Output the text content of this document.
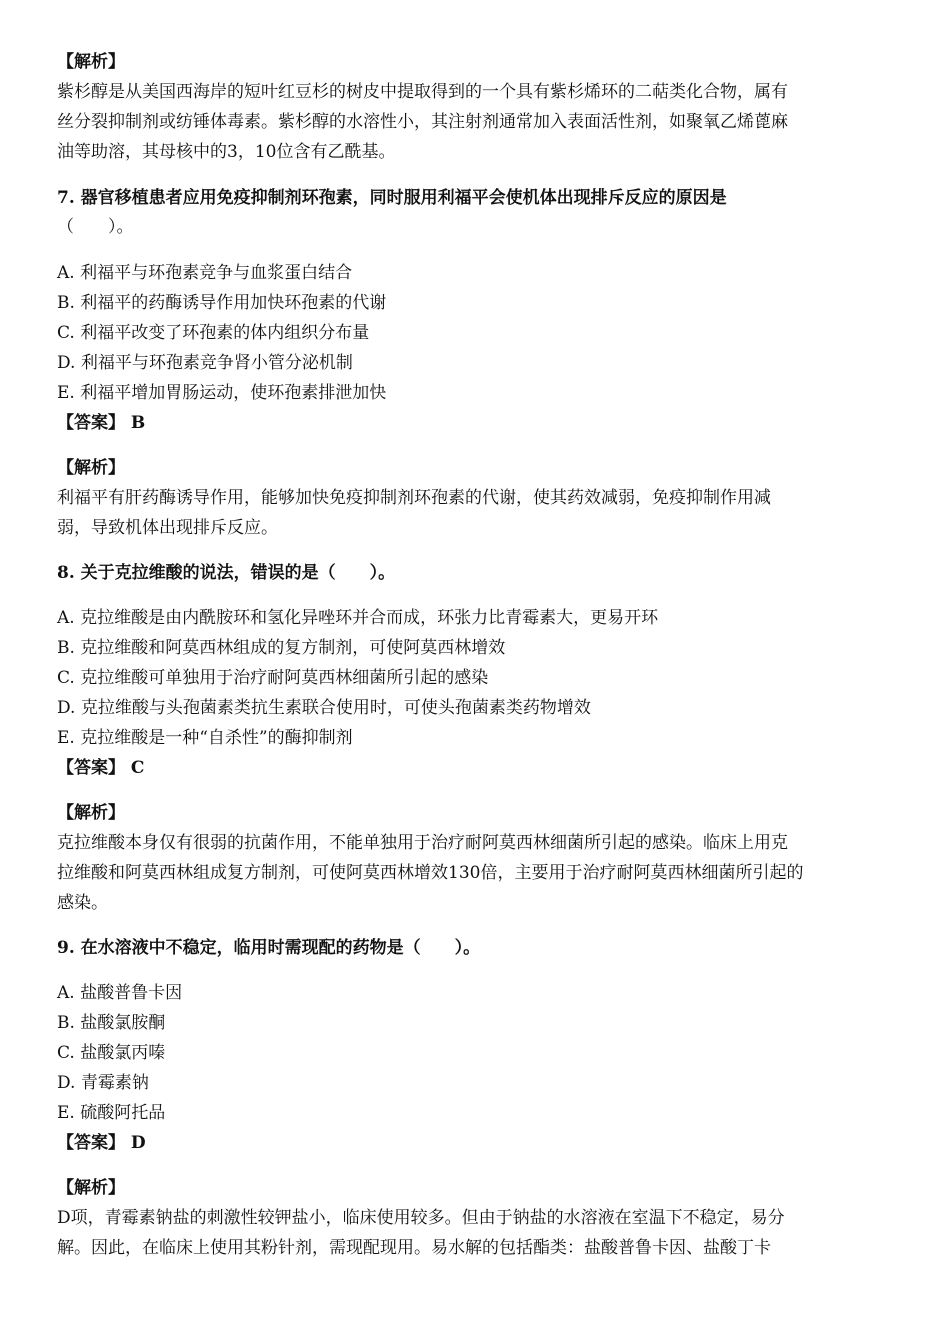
【解析】
紫杉醇是从美国西海岸的短叶红豆杉的树皮中提取得到的一个具有紫杉烯环的二萜类化合物，属有
丝分裂抑制剂或纺锤体毒素。紫杉醇的水溶性小，其注射剂通常加入表面活性剂，如聚氧乙烯蓖麻
油等助溶，其母核中的3，10位含有乙酰基。
7. 器官移植患者应用免疫抑制剂环孢素，同时服用利福平会使机体出现排斥反应的原因是
（　　）。
A. 利福平与环孢素竞争与血浆蛋白结合
B. 利福平的药酶诱导作用加快环孢素的代谢
C. 利福平改变了环孢素的体内组织分布量
D. 利福平与环孢素竞争肾小管分泌机制
E. 利福平增加胃肠运动，使环孢素排泄加快
【答案】 B
【解析】
利福平有肝药酶诱导作用，能够加快免疫抑制剂环孢素的代谢，使其药效减弱，免疫抑制作用减
弱，导致机体出现排斥反应。
8. 关于克拉维酸的说法，错误的是（　　）。
A. 克拉维酸是由内酰胺环和氢化异唑环并合而成，环张力比青霉素大，更易开环
B. 克拉维酸和阿莫西林组成的复方制剂，可使阿莫西林增效
C. 克拉维酸可单独用于治疗耐阿莫西林细菌所引起的感染
D. 克拉维酸与头孢菌素类抗生素联合使用时，可使头孢菌素类药物增效
E. 克拉维酸是一种“自杀性”的酶抑制剂
【答案】 C
【解析】
克拉维酸本身仅有很弱的抗菌作用，不能单独用于治疗耐阿莫西林细菌所引起的感染。临床上用克
拉维酸和阿莫西林组成复方制剂，可使阿莫西林增效130倍，主要用于治疗耐阿莫西林细菌所引起的
感染。
9. 在水溶液中不稳定，临用时需现配的药物是（　　）。
A. 盐酸普鲁卡因
B. 盐酸氯胺酮
C. 盐酸氯丙嗪
D. 青霉素钠
E. 硫酸阿托品
【答案】 D
【解析】
D项，青霉素钠盐的刺激性较钾盐小，临床使用较多。但由于钠盐的水溶液在室温下不稳定，易分
解。因此，在临床上使用其粉针剂，需现配现用。易水解的包括酯类：盐酸普鲁卡因、盐酸丁卡
